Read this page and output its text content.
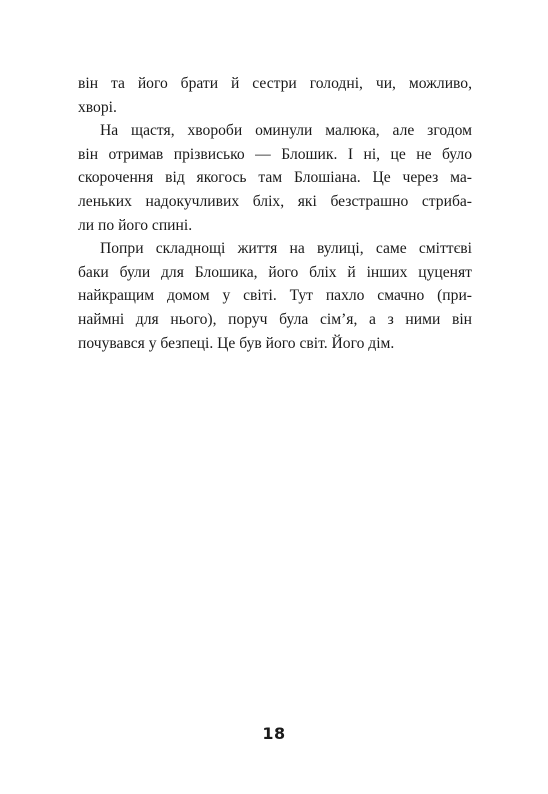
він та його брати й сестри голодні, чи, можливо,
хворі.
На щастя, хвороби оминули малюка, але згодом
він отримав прізвисько — Блошик. І ні, це не було
скорочення від якогось там Блошіана. Це через ма-
леньких надокучливих бліх, які безстрашно стриба-
ли по його спині.
Попри складнощі життя на вулиці, саме сміттєві
баки були для Блошика, його бліх й інших цуценят
найкращим домом у світі. Тут пахло смачно (при-
наймні для нього), поруч була сім’я, а з ними він
почувався у безпеці. Це був його світ. Його дім.
18
